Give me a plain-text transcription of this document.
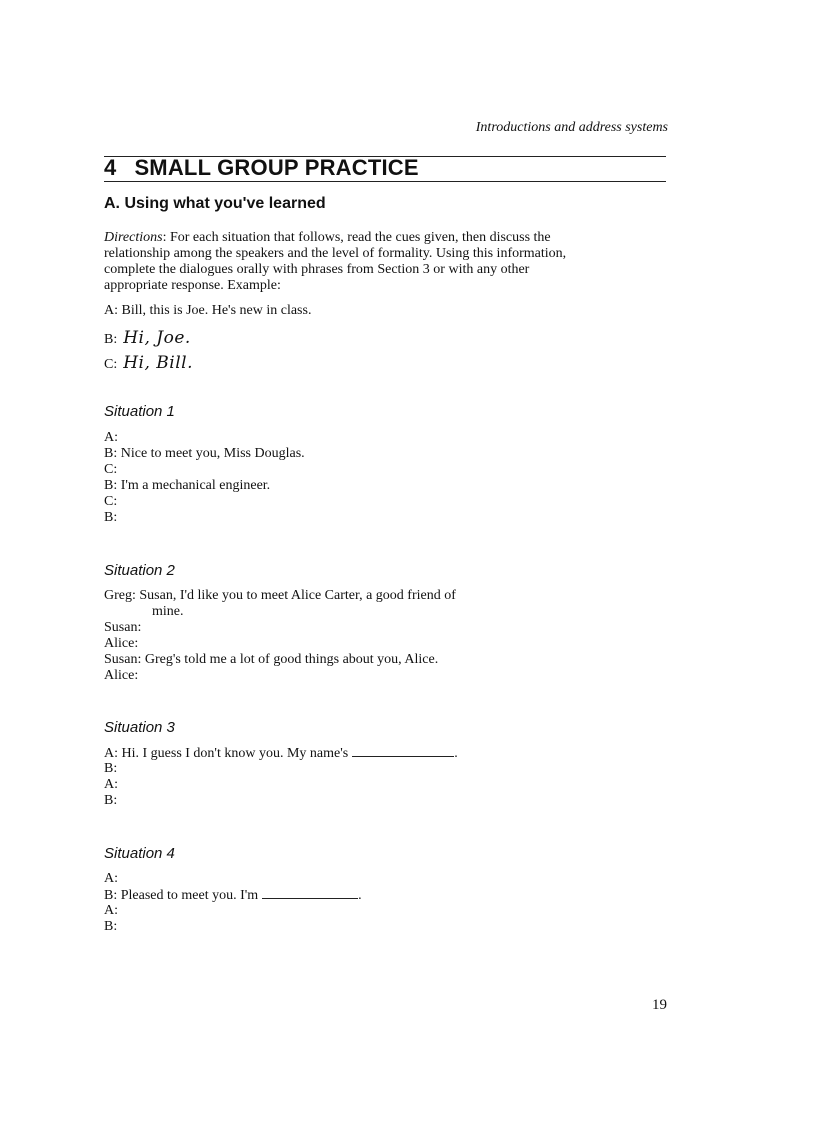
Introductions and address systems
4 SMALL GROUP PRACTICE
A. Using what you've learned
Directions: For each situation that follows, read the cues given, then discuss the relationship among the speakers and the level of formality. Using this information, complete the dialogues orally with phrases from Section 3 or with any other appropriate response. Example:
A: Bill, this is Joe. He's new in class.
B: Hi, Joe.
C: Hi, Bill.
Situation 1
A:
B: Nice to meet you, Miss Douglas.
C:
B: I'm a mechanical engineer.
C:
B:
Situation 2
Greg: Susan, I'd like you to meet Alice Carter, a good friend of
mine.
Susan:
Alice:
Susan: Greg's told me a lot of good things about you, Alice.
Alice:
Situation 3
A: Hi. I guess I don't know you. My name's	.
B:
A:
B:
Situation 4
A:
B: Pleased to meet you. I'm	.
A:
B:
19
